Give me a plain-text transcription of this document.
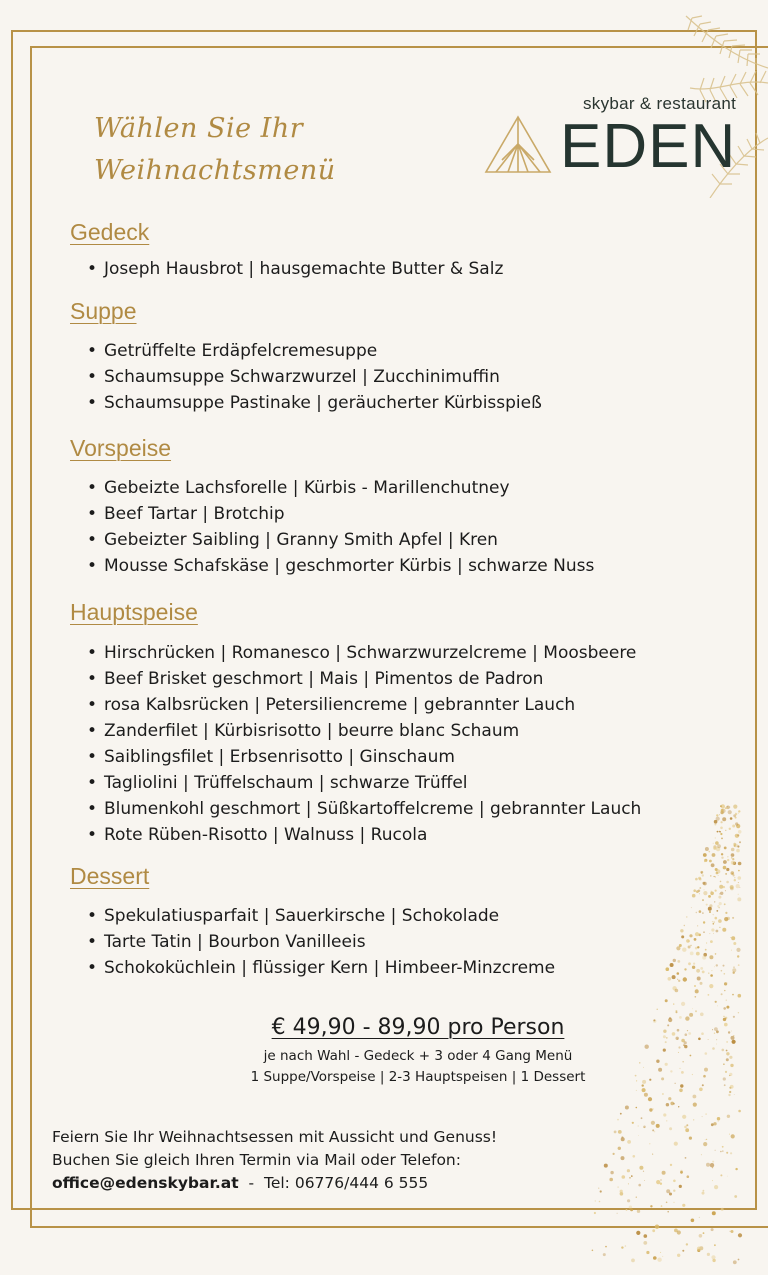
Wählen Sie Ihr
Weihnachtsmenü
skybar & restaurant
EDEN
Gedeck
• Joseph Hausbrot | hausgemachte Butter & Salz
Suppe
• Getrüffelte Erdäpfelcremesuppe
• Schaumsuppe Schwarzwurzel | Zucchinimuffin
• Schaumsuppe Pastinake | geräucherter Kürbisspieß
Vorspeise
• Gebeizte Lachsforelle | Kürbis - Marillenchutney
• Beef Tartar | Brotchip
• Gebeizter Saibling | Granny Smith Apfel | Kren
• Mousse Schafskäse | geschmorter Kürbis | schwarze Nuss
Hauptspeise
• Hirschrücken | Romanesco | Schwarzwurzelcreme | Moosbeere
• Beef Brisket geschmort | Mais | Pimentos de Padron
• rosa Kalbsrücken | Petersiliencreme | gebrannter Lauch
• Zanderfilet | Kürbisrisotto | beurre blanc Schaum
• Saiblingsfilet | Erbsenrisotto | Ginschaum
• Tagliolini | Trüffelschaum | schwarze Trüffel
• Blumenkohl geschmort | Süßkartoffelcreme | gebrannter Lauch
• Rote Rüben-Risotto | Walnuss | Rucola
Dessert
• Spekulatiusparfait | Sauerkirsche | Schokolade
• Tarte Tatin | Bourbon Vanilleeis
• Schokoküchlein | flüssiger Kern | Himbeer-Minzcreme
€ 49,90 - 89,90 pro Person
je nach Wahl - Gedeck + 3 oder 4 Gang Menü
1 Suppe/Vorspeise | 2-3 Hauptspeisen | 1 Dessert
Feiern Sie Ihr Weihnachtsessen mit Aussicht und Genuss!
Buchen Sie gleich Ihren Termin via Mail oder Telefon:
office@edenskybar.at  -  Tel: 06776/444 6 555
